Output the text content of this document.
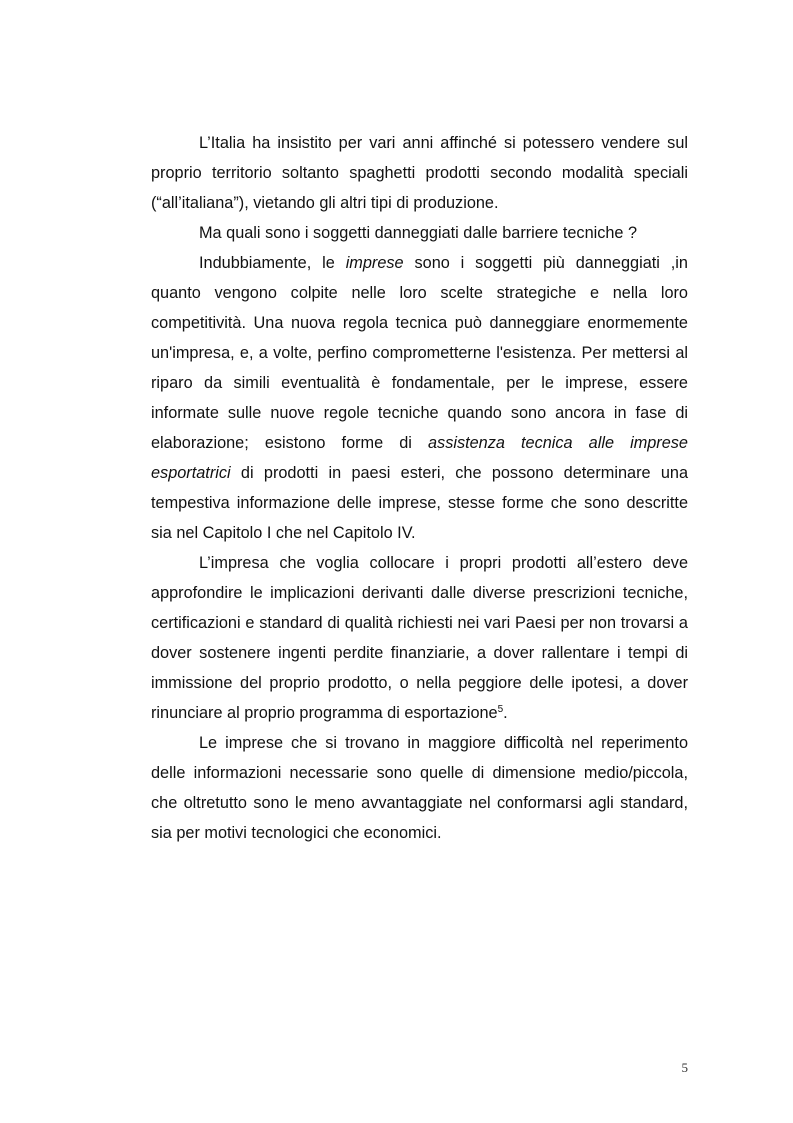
L’Italia ha insistito per vari anni affinché si potessero vendere sul proprio territorio soltanto spaghetti prodotti secondo modalità speciali (“all’italiana”), vietando gli altri tipi di produzione.

Ma quali sono i soggetti danneggiati dalle barriere tecniche ?

Indubbiamente, le imprese sono i soggetti più danneggiati ,in quanto vengono colpite nelle loro scelte strategiche e nella loro competitività. Una nuova regola tecnica può danneggiare enormemente un'impresa, e, a volte, perfino comprometterne l'esistenza. Per mettersi al riparo da simili eventualità è fondamentale, per le imprese, essere informate sulle nuove regole tecniche quando sono ancora in fase di elaborazione; esistono forme di assistenza tecnica alle imprese esportatrici di prodotti in paesi esteri, che possono determinare una tempestiva informazione delle imprese, stesse forme che sono descritte sia nel Capitolo I che nel Capitolo IV.

L’impresa che voglia collocare i propri prodotti all’estero deve approfondire le implicazioni derivanti dalle diverse prescrizioni tecniche, certificazioni e standard di qualità richiesti nei vari Paesi per non trovarsi a dover sostenere ingenti perdite finanziarie, a dover rallentare i tempi di immissione del proprio prodotto, o nella peggiore delle ipotesi, a dover rinunciare al proprio programma di esportazione$^5$.

Le imprese che si trovano in maggiore difficoltà nel reperimento delle informazioni necessarie sono quelle di dimensione medio/piccola, che oltretutto sono le meno avvantaggiate nel conformarsi agli standard, sia per motivi tecnologici che economici.

5
